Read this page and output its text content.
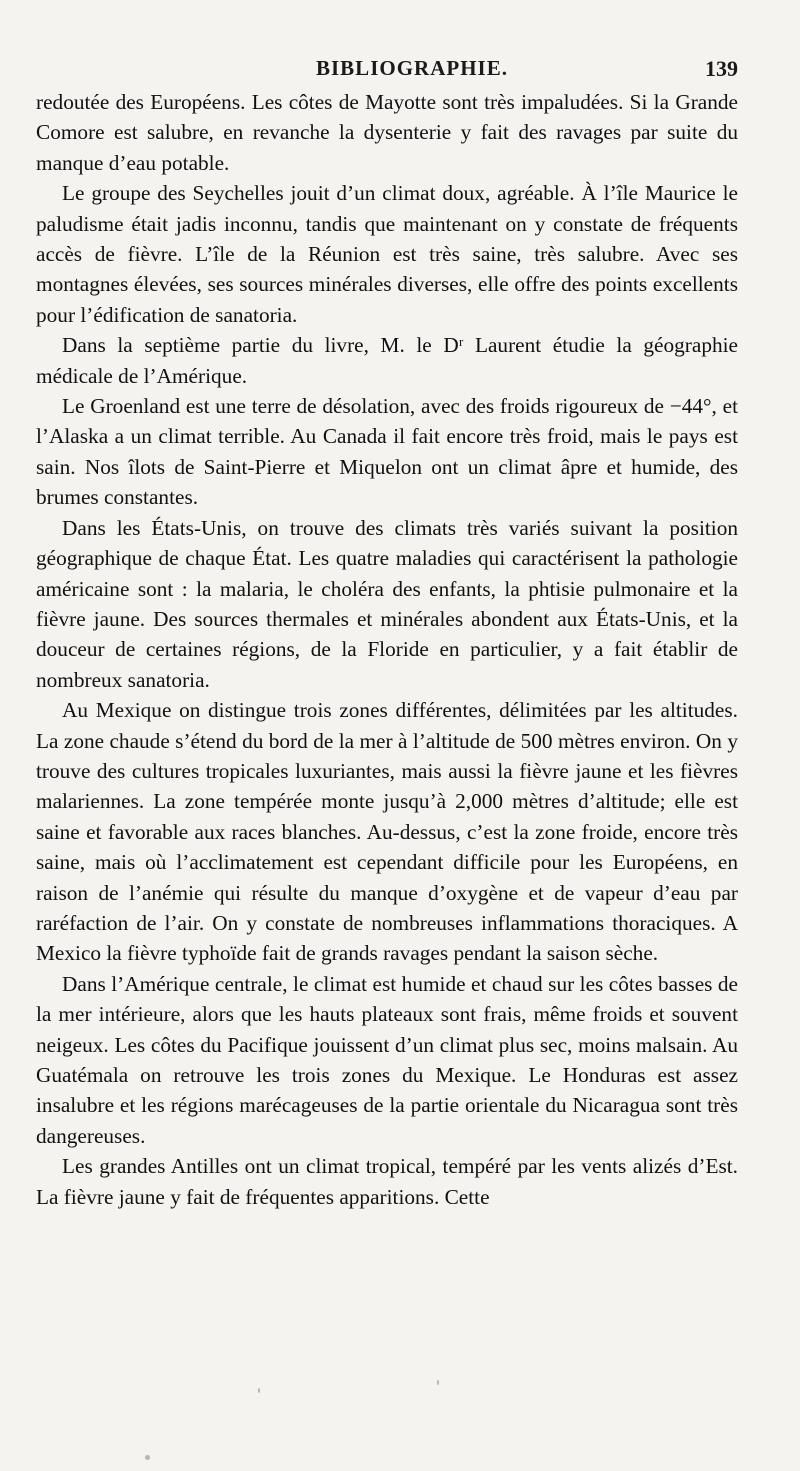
BIBLIOGRAPHIE.	139

redoutée des Européens. Les côtes de Mayotte sont très impaludées. Si la Grande Comore est salubre, en revanche la dysenterie y fait des ravages par suite du manque d’eau potable.

Le groupe des Seychelles jouit d’un climat doux, agréable. À l’île Maurice le paludisme était jadis inconnu, tandis que maintenant on y constate de fréquents accès de fièvre. L’île de la Réunion est très saine, très salubre. Avec ses montagnes élevées, ses sources minérales diverses, elle offre des points excellents pour l’édification de sanatoria.

Dans la septième partie du livre, M. le Dʳ Laurent étudie la géographie médicale de l’Amérique.

Le Groenland est une terre de désolation, avec des froids rigoureux de −44°, et l’Alaska a un climat terrible. Au Canada il fait encore très froid, mais le pays est sain. Nos îlots de Saint-Pierre et Miquelon ont un climat âpre et humide, des brumes constantes.

Dans les États-Unis, on trouve des climats très variés suivant la position géographique de chaque État. Les quatre maladies qui caractérisent la pathologie américaine sont : la malaria, le choléra des enfants, la phtisie pulmonaire et la fièvre jaune. Des sources thermales et minérales abondent aux États-Unis, et la douceur de certaines régions, de la Floride en particulier, y a fait établir de nombreux sanatoria.

Au Mexique on distingue trois zones différentes, délimitées par les altitudes. La zone chaude s’étend du bord de la mer à l’altitude de 500 mètres environ. On y trouve des cultures tropicales luxuriantes, mais aussi la fièvre jaune et les fièvres malariennes. La zone tempérée monte jusqu’à 2,000 mètres d’altitude; elle est saine et favorable aux races blanches. Au-dessus, c’est la zone froide, encore très saine, mais où l’acclimatement est cependant difficile pour les Européens, en raison de l’anémie qui résulte du manque d’oxygène et de vapeur d’eau par raréfaction de l’air. On y constate de nombreuses inflammations thoraciques. A Mexico la fièvre typhoïde fait de grands ravages pendant la saison sèche.

Dans l’Amérique centrale, le climat est humide et chaud sur les côtes basses de la mer intérieure, alors que les hauts plateaux sont frais, même froids et souvent neigeux. Les côtes du Pacifique jouissent d’un climat plus sec, moins malsain. Au Guatémala on retrouve les trois zones du Mexique. Le Honduras est assez insalubre et les régions marécageuses de la partie orientale du Nicaragua sont très dangereuses.

Les grandes Antilles ont un climat tropical, tempéré par les vents alizés d’Est. La fièvre jaune y fait de fréquentes apparitions. Cette
